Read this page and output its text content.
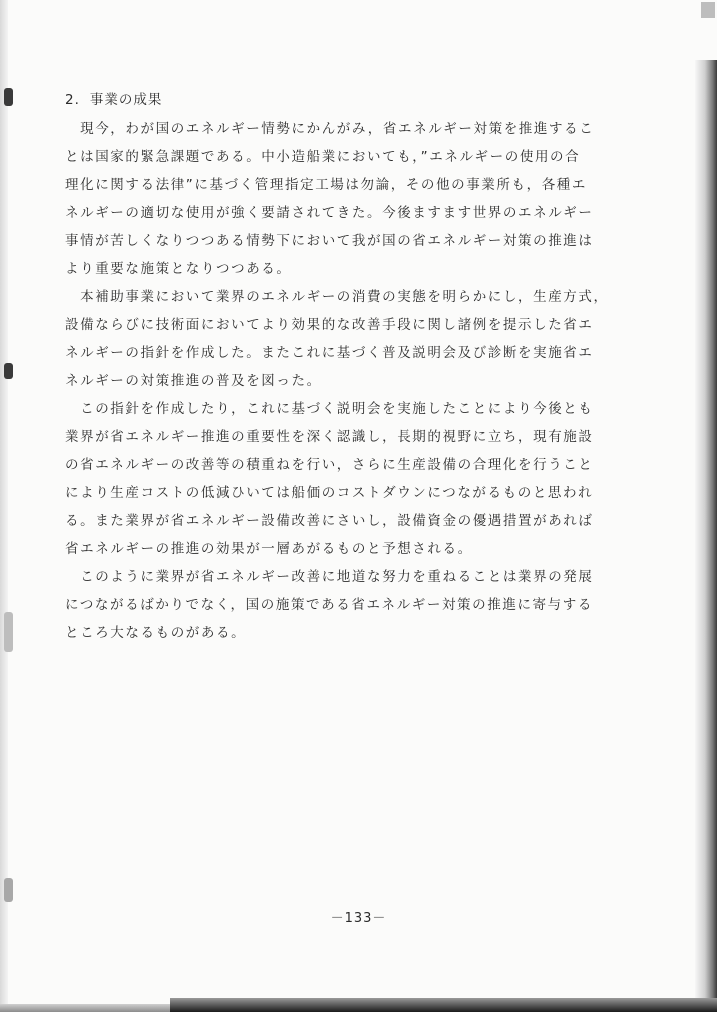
2. 事業の成果
　現今，わが国のエネルギー情勢にかんがみ，省エネルギー対策を推進するこ
とは国家的緊急課題である。中小造船業においても，”エネルギーの使用の合
理化に関する法律”に基づく管理指定工場は勿論，その他の事業所も，各種エ
ネルギーの適切な使用が強く要請されてきた。今後ますます世界のエネルギー
事情が苦しくなりつつある情勢下において我が国の省エネルギー対策の推進は
より重要な施策となりつつある。
　本補助事業において業界のエネルギーの消費の実態を明らかにし，生産方式，
設備ならびに技術面においてより効果的な改善手段に関し諸例を提示した省エ
ネルギーの指針を作成した。またこれに基づく普及説明会及び診断を実施省エ
ネルギーの対策推進の普及を図った。
　この指針を作成したり，これに基づく説明会を実施したことにより今後とも
業界が省エネルギー推進の重要性を深く認識し，長期的視野に立ち，現有施設
の省エネルギーの改善等の積重ねを行い，さらに生産設備の合理化を行うこと
により生産コストの低減ひいては船価のコストダウンにつながるものと思われ
る。また業界が省エネルギー設備改善にさいし，設備資金の優遇措置があれば
省エネルギーの推進の効果が一層あがるものと予想される。
　このように業界が省エネルギー改善に地道な努力を重ねることは業界の発展
につながるばかりでなく，国の施策である省エネルギー対策の推進に寄与する
ところ大なるものがある。
－133－
